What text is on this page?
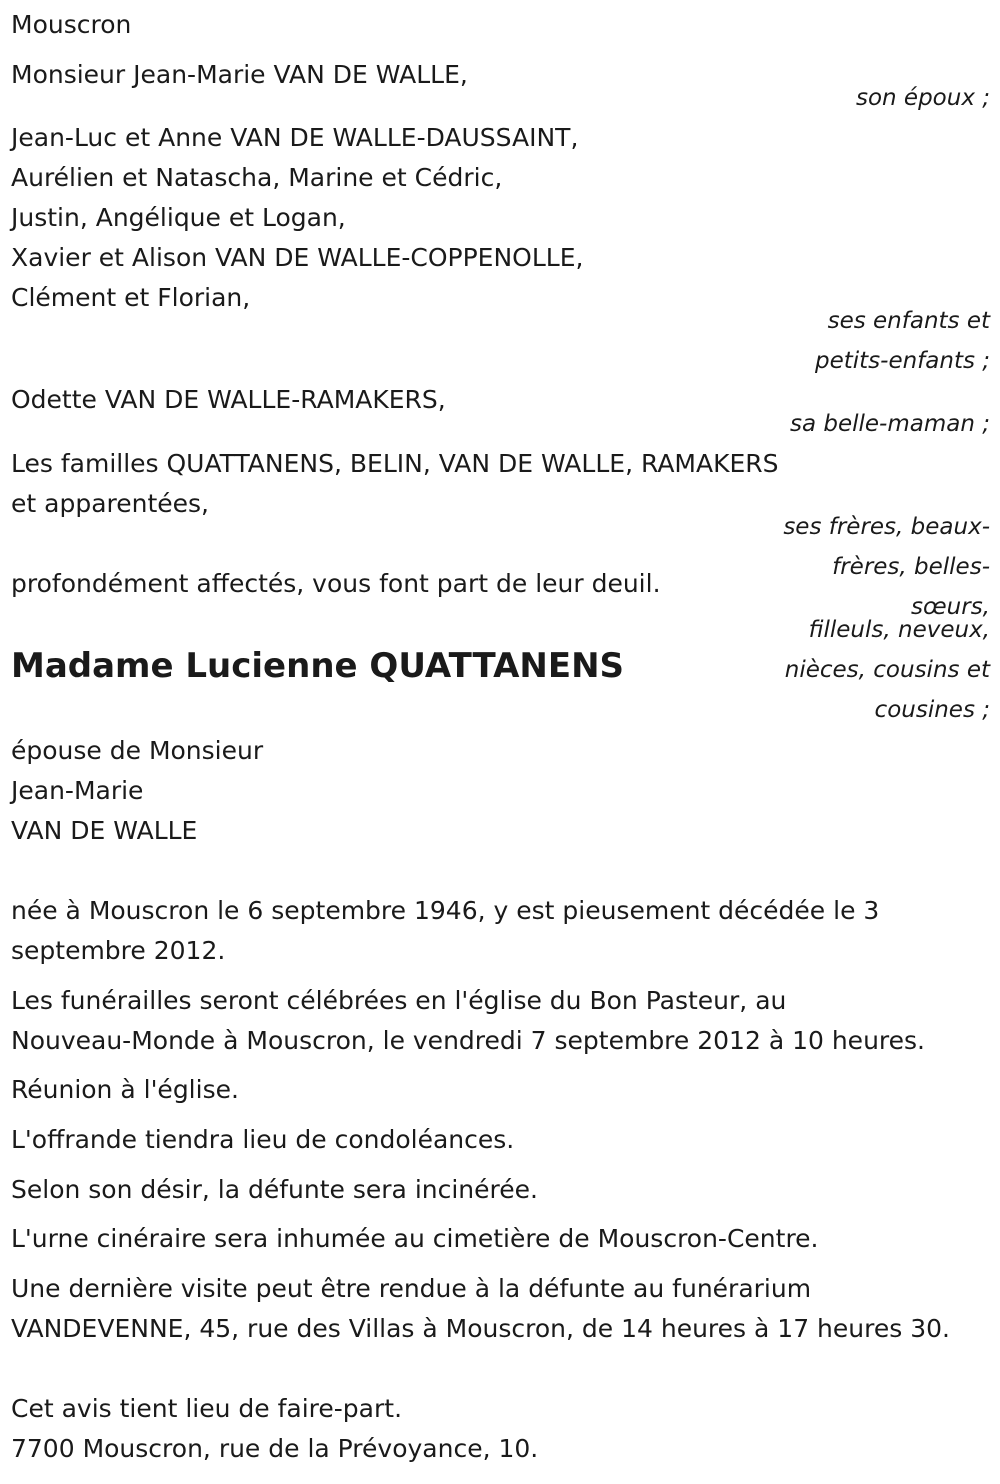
Mouscron
Monsieur Jean-Marie VAN DE WALLE,
son époux ;
Jean-Luc et Anne VAN DE WALLE-DAUSSAINT,
Aurélien et Natascha, Marine et Cédric,
Justin, Angélique et Logan,
Xavier et Alison VAN DE WALLE-COPPENOLLE,
Clément et Florian,
ses enfants et
petits-enfants ;
Odette VAN DE WALLE-RAMAKERS,
sa belle-maman ;
Les familles QUATTANENS, BELIN, VAN DE WALLE, RAMAKERS
et apparentées,
ses frères, beaux-
frères, belles-
sœurs,
filleuls, neveux,
nièces, cousins et
cousines ;
profondément affectés, vous font part de leur deuil.
Madame Lucienne QUATTANENS
épouse de Monsieur
Jean-Marie
VAN DE WALLE
née à Mouscron le 6 septembre 1946, y est pieusement décédée le 3
septembre 2012.
Les funérailles seront célébrées en l'église du Bon Pasteur, au
Nouveau-Monde à Mouscron, le vendredi 7 septembre 2012 à 10 heures.
Réunion à l'église.
L'offrande tiendra lieu de condoléances.
Selon son désir, la défunte sera incinérée.
L'urne cinéraire sera inhumée au cimetière de Mouscron-Centre.
Une dernière visite peut être rendue à la défunte au funérarium
VANDEVENNE, 45, rue des Villas à Mouscron, de 14 heures à 17 heures 30.
Cet avis tient lieu de faire-part.
7700 Mouscron, rue de la Prévoyance, 10.
